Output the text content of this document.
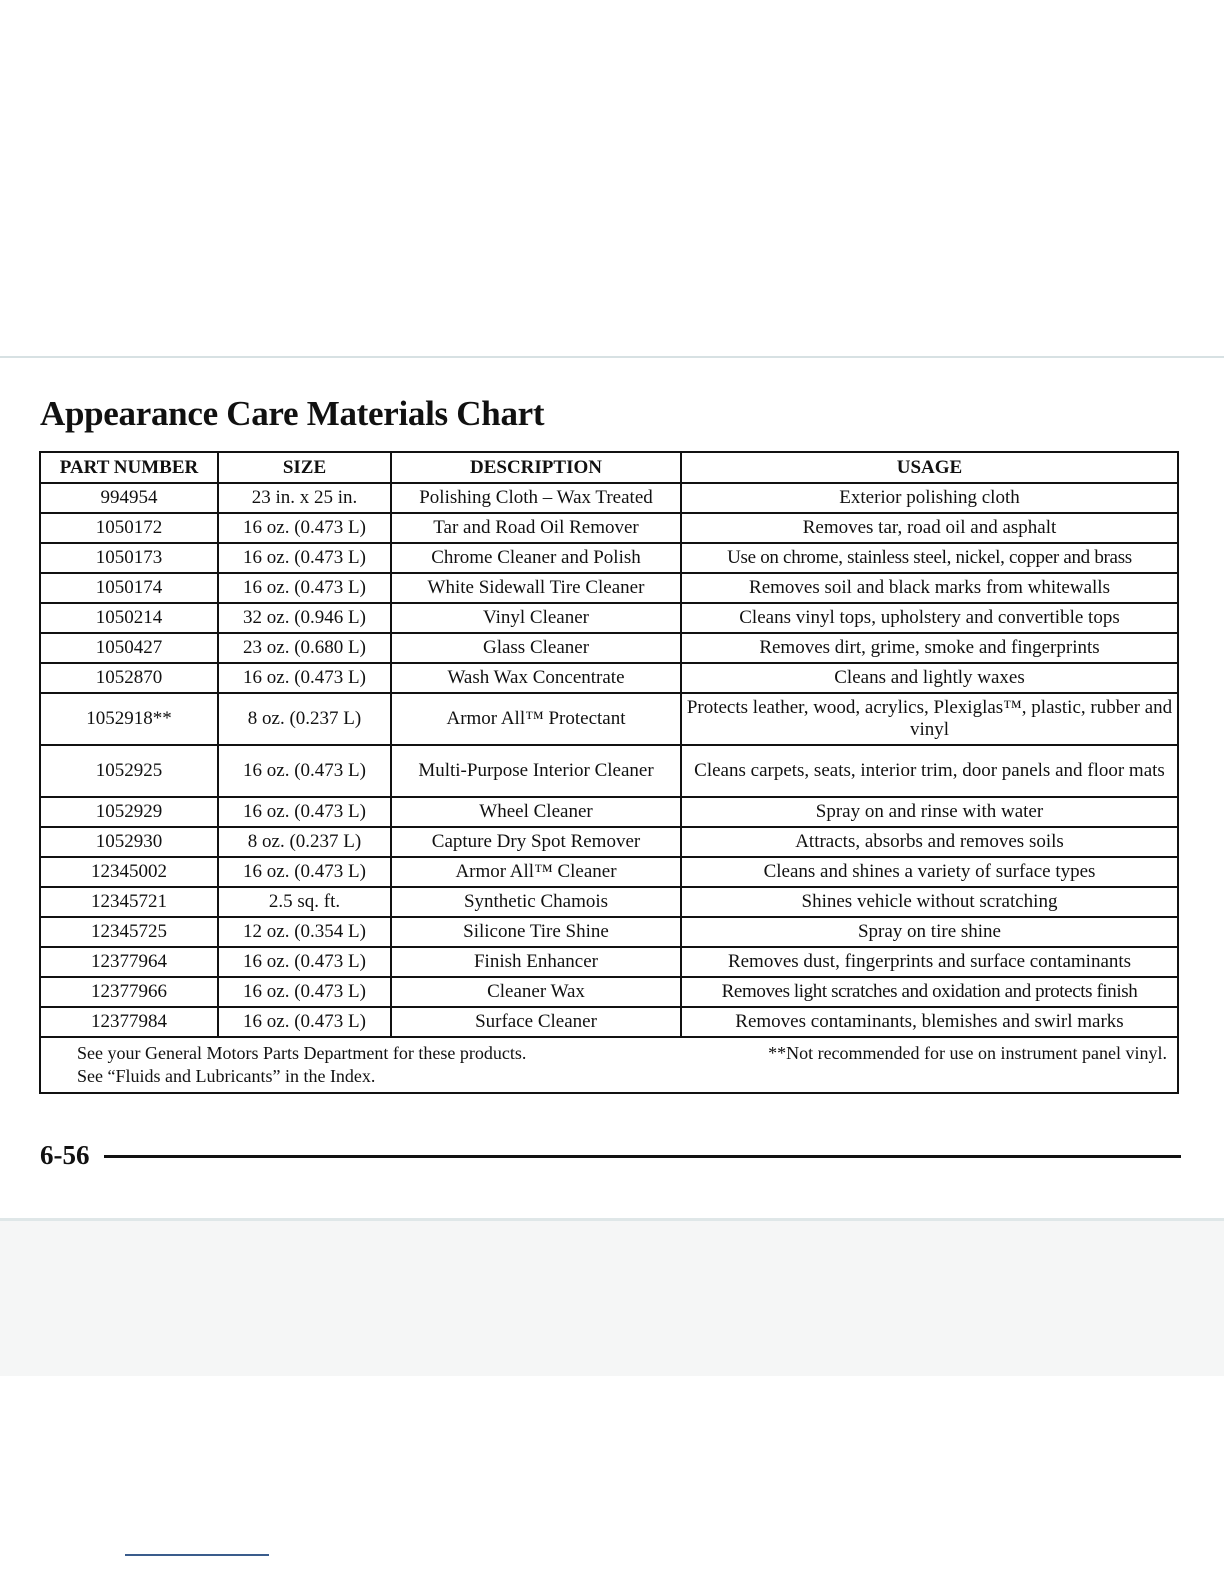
Appearance Care Materials Chart
PART NUMBER	SIZE	DESCRIPTION	USAGE
994954	23 in. x 25 in.	Polishing Cloth – Wax Treated	Exterior polishing cloth
1050172	16 oz. (0.473 L)	Tar and Road Oil Remover	Removes tar, road oil and asphalt
1050173	16 oz. (0.473 L)	Chrome Cleaner and Polish	Use on chrome, stainless steel, nickel, copper and brass
1050174	16 oz. (0.473 L)	White Sidewall Tire Cleaner	Removes soil and black marks from whitewalls
1050214	32 oz. (0.946 L)	Vinyl Cleaner	Cleans vinyl tops, upholstery and convertible tops
1050427	23 oz. (0.680 L)	Glass Cleaner	Removes dirt, grime, smoke and fingerprints
1052870	16 oz. (0.473 L)	Wash Wax Concentrate	Cleans and lightly waxes
1052918**	8 oz. (0.237 L)	Armor All™ Protectant	Protects leather, wood, acrylics, Plexiglas™, plastic, rubber and vinyl
1052925	16 oz. (0.473 L)	Multi-Purpose Interior Cleaner	Cleans carpets, seats, interior trim, door panels and floor mats
1052929	16 oz. (0.473 L)	Wheel Cleaner	Spray on and rinse with water
1052930	8 oz. (0.237 L)	Capture Dry Spot Remover	Attracts, absorbs and removes soils
12345002	16 oz. (0.473 L)	Armor All™ Cleaner	Cleans and shines a variety of surface types
12345721	2.5 sq. ft.	Synthetic Chamois	Shines vehicle without scratching
12345725	12 oz. (0.354 L)	Silicone Tire Shine	Spray on tire shine
12377964	16 oz. (0.473 L)	Finish Enhancer	Removes dust, fingerprints and surface contaminants
12377966	16 oz. (0.473 L)	Cleaner Wax	Removes light scratches and oxidation and protects finish
12377984	16 oz. (0.473 L)	Surface Cleaner	Removes contaminants, blemishes and swirl marks

See your General Motors Parts Department for these products.
See “Fluids and Lubricants” in the Index.
**Not recommended for use on instrument panel vinyl.			
6-56
